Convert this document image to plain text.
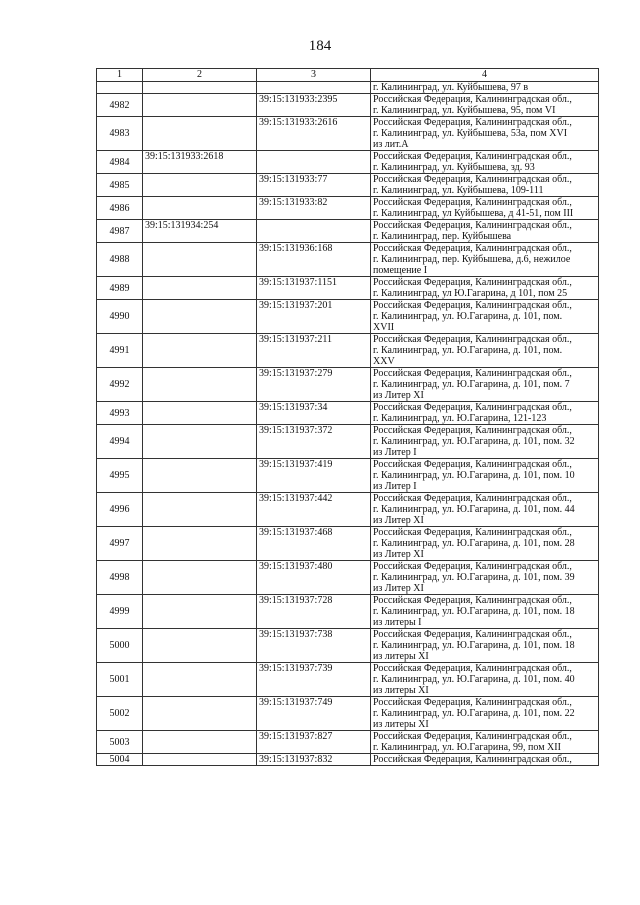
184
1	2	3	4
			г. Калининград, ул. Куйбышева, 97 в
4982		39:15:131933:2395	Российская Федерация, Калининградская обл.,
г. Калининград, ул. Куйбышева, 95, пом VI
4983		39:15:131933:2616	Российская Федерация, Калининградская обл.,
г. Калининград, ул. Куйбышева, 53а, пом XVI
из лит.А
4984	39:15:131933:2618		Российская Федерация, Калининградская обл.,
г. Калининград, ул. Куйбышева, зд. 93
4985		39:15:131933:77	Российская Федерация, Калининградская обл.,
г. Калининград, ул. Куйбышева, 109-111
4986		39:15:131933:82	Российская Федерация, Калининградская обл.,
г. Калининград, ул Куйбышева, д 41-51, пом III
4987	39:15:131934:254		Российская Федерация, Калининградская обл.,
г. Калининград, пер. Куйбышева
4988		39:15:131936:168	Российская Федерация, Калининградская обл.,
г. Калининград, пер. Куйбышева, д.6, нежилое
помещение I
4989		39:15:131937:1151	Российская Федерация, Калининградская обл.,
г. Калининград, ул Ю.Гагарина, д 101, пом 25
4990		39:15:131937:201	Российская Федерация, Калининградская обл.,
г. Калининград, ул. Ю.Гагарина, д. 101, пом.
XVII
4991		39:15:131937:211	Российская Федерация, Калининградская обл.,
г. Калининград, ул. Ю.Гагарина, д. 101, пом.
XXV
4992		39:15:131937:279	Российская Федерация, Калининградская обл.,
г. Калининград, ул. Ю.Гагарина, д. 101, пом. 7
из Литер XI
4993		39:15:131937:34	Российская Федерация, Калининградская обл.,
г. Калининград, ул. Ю.Гагарина, 121-123
4994		39:15:131937:372	Российская Федерация, Калининградская обл.,
г. Калининград, ул. Ю.Гагарина, д. 101, пом. 32
из Литер I
4995		39:15:131937:419	Российская Федерация, Калининградская обл.,
г. Калининград, ул. Ю.Гагарина, д. 101, пом. 10
из Литер I
4996		39:15:131937:442	Российская Федерация, Калининградская обл.,
г. Калининград, ул. Ю.Гагарина, д. 101, пом. 44
из Литер XI
4997		39:15:131937:468	Российская Федерация, Калининградская обл.,
г. Калининград, ул. Ю.Гагарина, д. 101, пом. 28
из Литер XI
4998		39:15:131937:480	Российская Федерация, Калининградская обл.,
г. Калининград, ул. Ю.Гагарина, д. 101, пом. 39
из Литер XI
4999		39:15:131937:728	Российская Федерация, Калининградская обл.,
г. Калининград, ул. Ю.Гагарина, д. 101, пом. 18
из литеры I
5000		39:15:131937:738	Российская Федерация, Калининградская обл.,
г. Калининград, ул. Ю.Гагарина, д. 101, пом. 18
из литеры XI
5001		39:15:131937:739	Российская Федерация, Калининградская обл.,
г. Калининград, ул. Ю.Гагарина, д. 101, пом. 40
из литеры XI
5002		39:15:131937:749	Российская Федерация, Калининградская обл.,
г. Калининград, ул. Ю.Гагарина, д. 101, пом. 22
из литеры XI
5003		39:15:131937:827	Российская Федерация, Калининградская обл.,
г. Калининград, ул. Ю.Гагарина, 99, пом XII
5004		39:15:131937:832	Российская Федерация, Калининградская обл.,
